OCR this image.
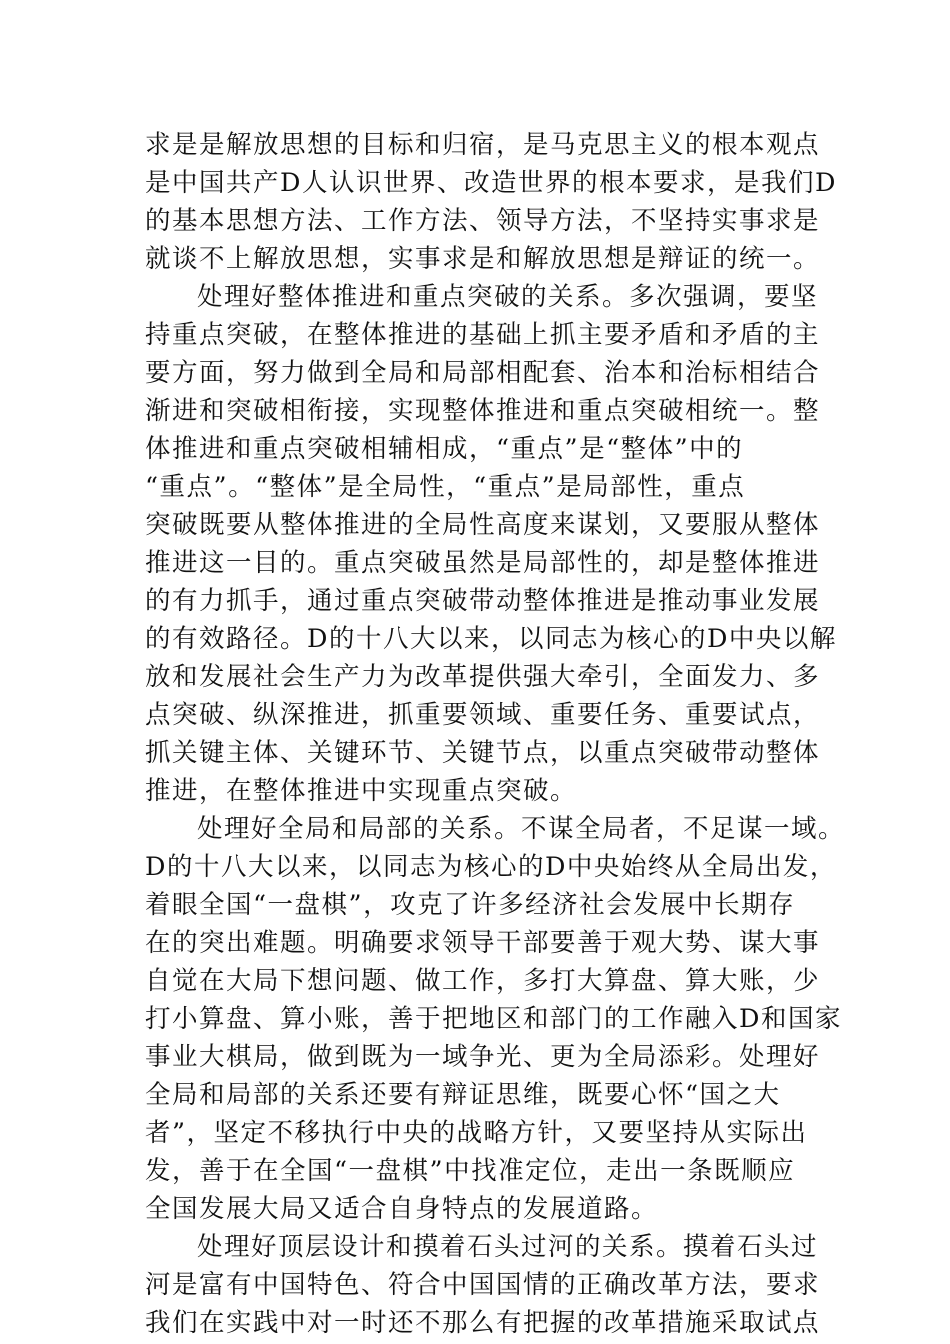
求是是解放思想的目标和归宿，是马克思主义的根本观点
是中国共产D人认识世界、改造世界的根本要求，是我们D
的基本思想方法、工作方法、领导方法，不坚持实事求是
就谈不上解放思想，实事求是和解放思想是辩证的统一。
处理好整体推进和重点突破的关系。多次强调，要坚
持重点突破，在整体推进的基础上抓主要矛盾和矛盾的主
要方面，努力做到全局和局部相配套、治本和治标相结合
渐进和突破相衔接，实现整体推进和重点突破相统一。整
体推进和重点突破相辅相成，“重点”是“整体”中的
“重点”。“整体”是全局性，“重点”是局部性，重点
突破既要从整体推进的全局性高度来谋划，又要服从整体
推进这一目的。重点突破虽然是局部性的，却是整体推进
的有力抓手，通过重点突破带动整体推进是推动事业发展
的有效路径。D的十八大以来，以同志为核心的D中央以解
放和发展社会生产力为改革提供强大牵引，全面发力、多
点突破、纵深推进，抓重要领域、重要任务、重要试点，
抓关键主体、关键环节、关键节点，以重点突破带动整体
推进，在整体推进中实现重点突破。
处理好全局和局部的关系。不谋全局者，不足谋一域。
D的十八大以来，以同志为核心的D中央始终从全局出发，
着眼全国“一盘棋”，攻克了许多经济社会发展中长期存
在的突出难题。明确要求领导干部要善于观大势、谋大事
自觉在大局下想问题、做工作，多打大算盘、算大账，少
打小算盘、算小账，善于把地区和部门的工作融入D和国家
事业大棋局，做到既为一域争光、更为全局添彩。处理好
全局和局部的关系还要有辩证思维，既要心怀“国之大
者”，坚定不移执行中央的战略方针，又要坚持从实际出
发，善于在全国“一盘棋”中找准定位，走出一条既顺应
全国发展大局又适合自身特点的发展道路。
处理好顶层设计和摸着石头过河的关系。摸着石头过
河是富有中国特色、符合中国国情的正确改革方法，要求
我们在实践中对一时还不那么有把握的改革措施采取试点
